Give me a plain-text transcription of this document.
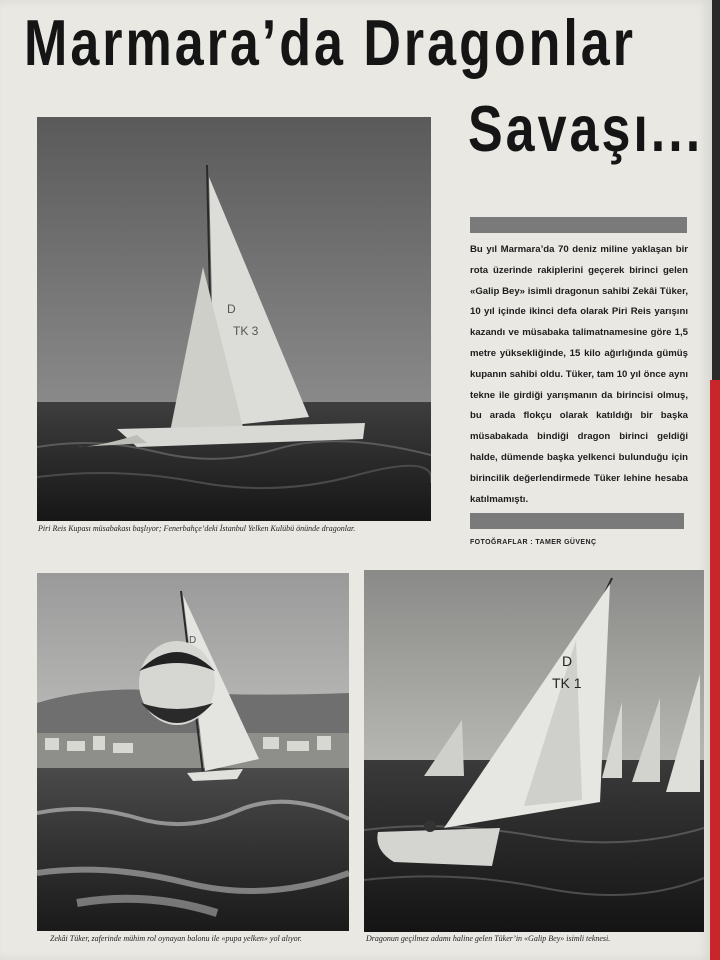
Marmara’da Dragonlar
Savaşı...
D
TK 3
Piri Reis Kupası müsabakası başlıyor; Fenerbahçe’deki İstanbul Yelken Kulübü önünde dragonlar.
Bu yıl Marmara’da 70 deniz miline yaklaşan bir rota üzerinde rakiplerini geçerek birinci gelen «Galip Bey» isimli dragonun sahibi Zekâi Tüker, 10 yıl içinde ikinci defa olarak Piri Reis yarışını kazandı ve müsabaka talimatnamesine göre 1,5 metre yüksekliğinde, 15 kilo ağırlığında gümüş kupanın sahibi oldu. Tüker, tam 10 yıl önce aynı tekne ile girdiği yarışmanın da birincisi olmuş, bu arada flokçu olarak katıldığı bir başka müsabakada bindiği dragon birinci geldiği halde, dümende başka yelkenci bulunduğu için birincilik değerlendirmede Tüker lehine hesaba katılmamıştı.
FOTOĞRAFLAR : TAMER GÜVENÇ
D
Zekâi Tüker, zaferinde mühim rol oynayan balonu ile «pupa yelken» yol alıyor.
D
TK 1
Dragonun geçilmez adamı haline gelen Tüker’in «Galip Bey» isimli teknesi.
